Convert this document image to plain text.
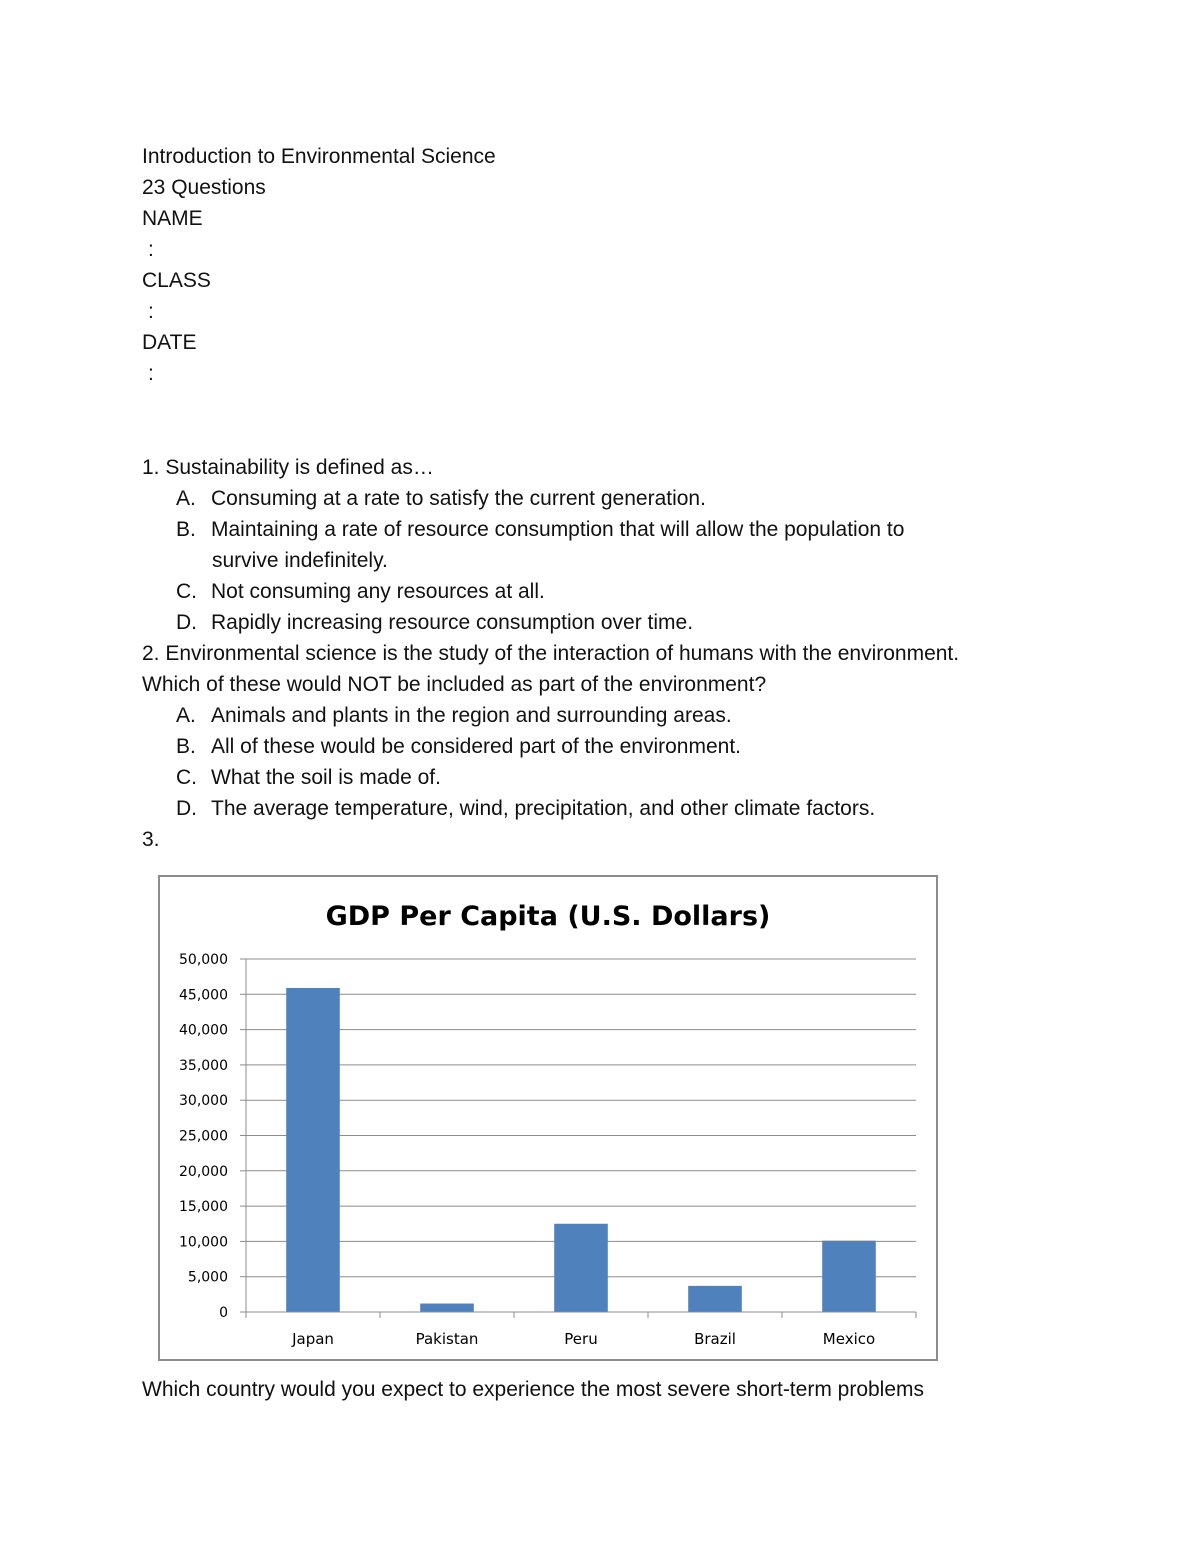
Introduction to Environmental Science
23 Questions
NAME
:
CLASS
:
DATE
:
1. Sustainability is defined as…
A. Consuming at a rate to satisfy the current generation.
B. Maintaining a rate of resource consumption that will allow the population to
survive indefinitely.
C. Not consuming any resources at all.
D. Rapidly increasing resource consumption over time.
2. Environmental science is the study of the interaction of humans with the environment.
Which of these would NOT be included as part of the environment?
A. Animals and plants in the region and surrounding areas.
B. All of these would be considered part of the environment.
C. What the soil is made of.
D. The average temperature, wind, precipitation, and other climate factors.
3.
GDP Per Capita (U.S. Dollars)
0
5,000
10,000
15,000
20,000
25,000
30,000
35,000
40,000
45,000
50,000
Japan	Pakistan	Peru	Brazil	Mexico
Which country would you expect to experience the most severe short-term problems
